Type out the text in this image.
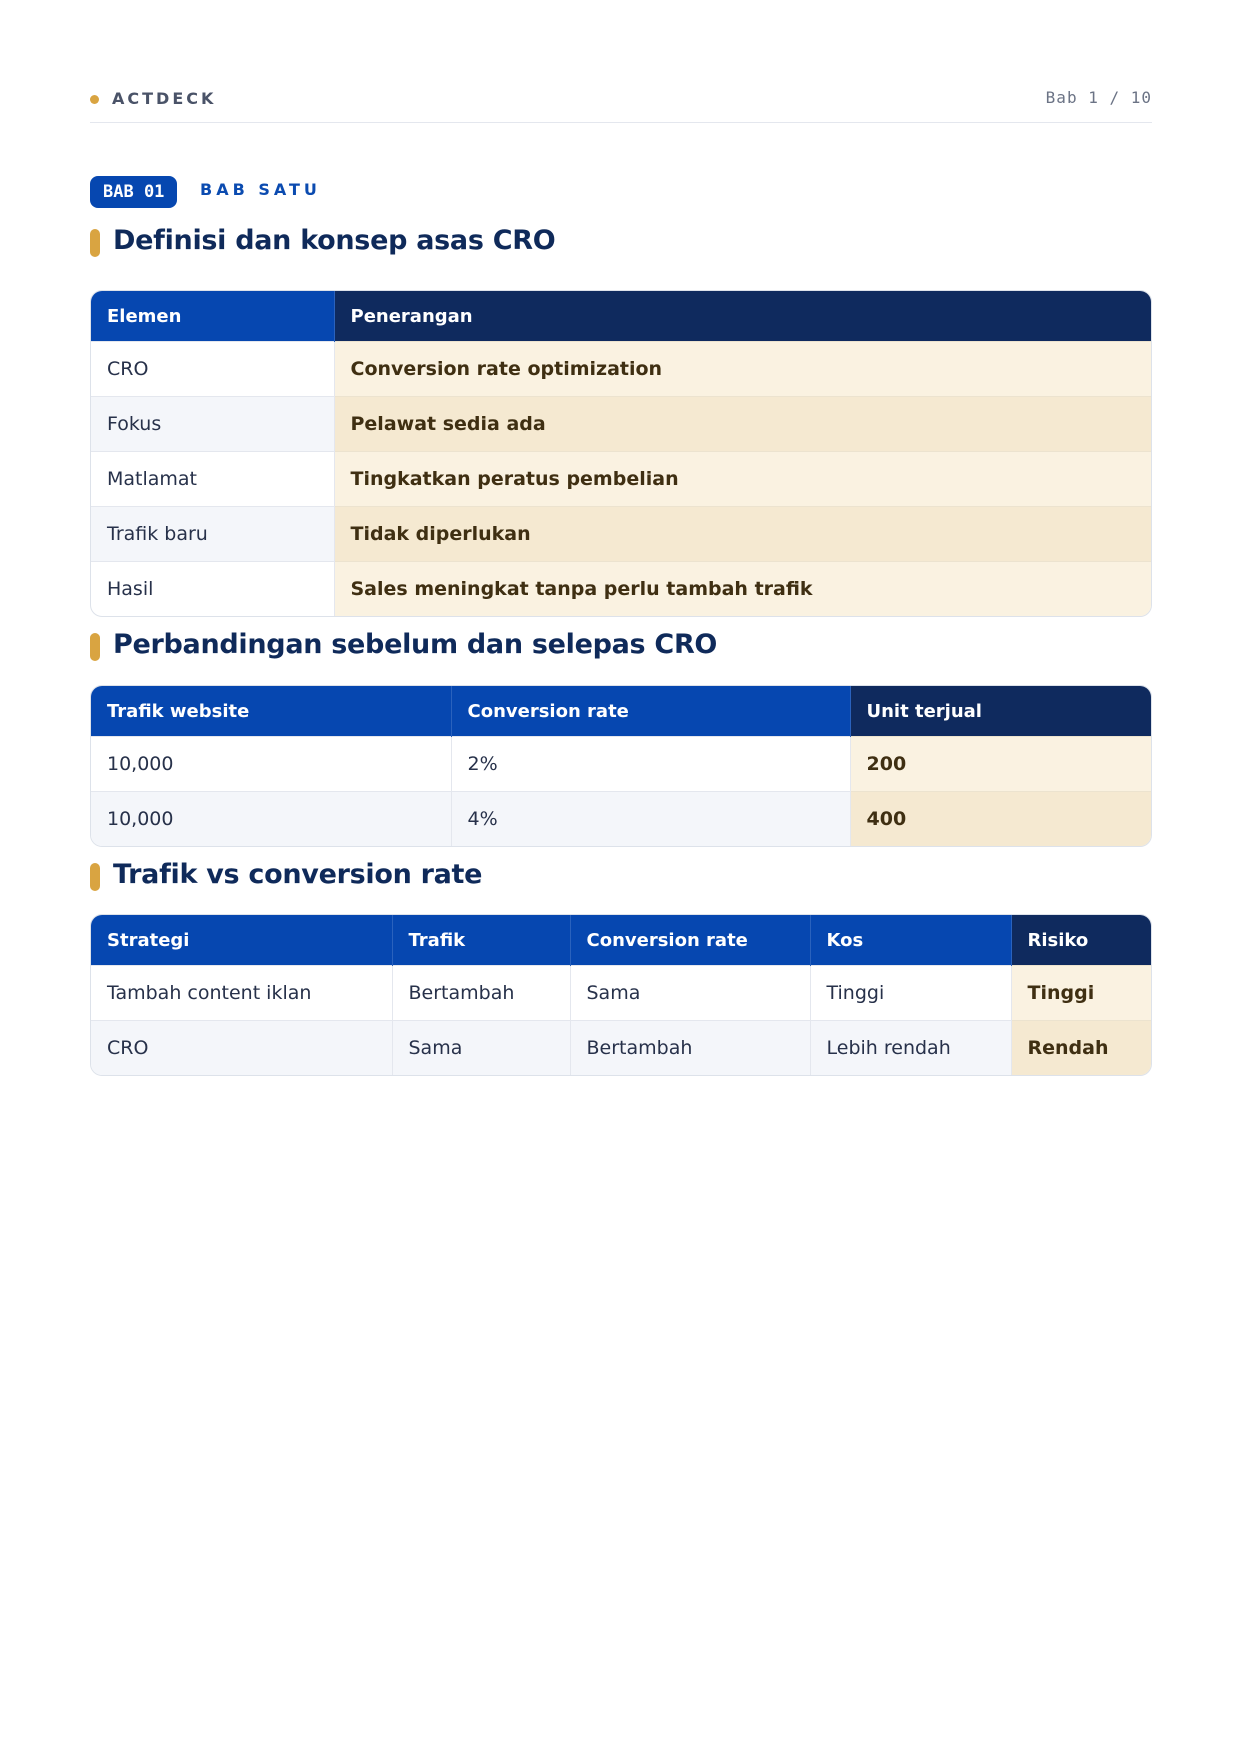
ACTDECK	Bab 1 / 10
BAB 01	BAB SATU
Definisi dan konsep asas CRO
Elemen	Penerangan
CRO	Conversion rate optimization
Fokus	Pelawat sedia ada
Matlamat	Tingkatkan peratus pembelian
Trafik baru	Tidak diperlukan
Hasil	Sales meningkat tanpa perlu tambah trafik
Perbandingan sebelum dan selepas CRO
Trafik website	Conversion rate	Unit terjual
10,000	2%	200
10,000	4%	400
Trafik vs conversion rate
Strategi	Trafik	Conversion rate	Kos	Risiko
Tambah content iklan	Bertambah	Sama	Tinggi	Tinggi
CRO	Sama	Bertambah	Lebih rendah	Rendah
